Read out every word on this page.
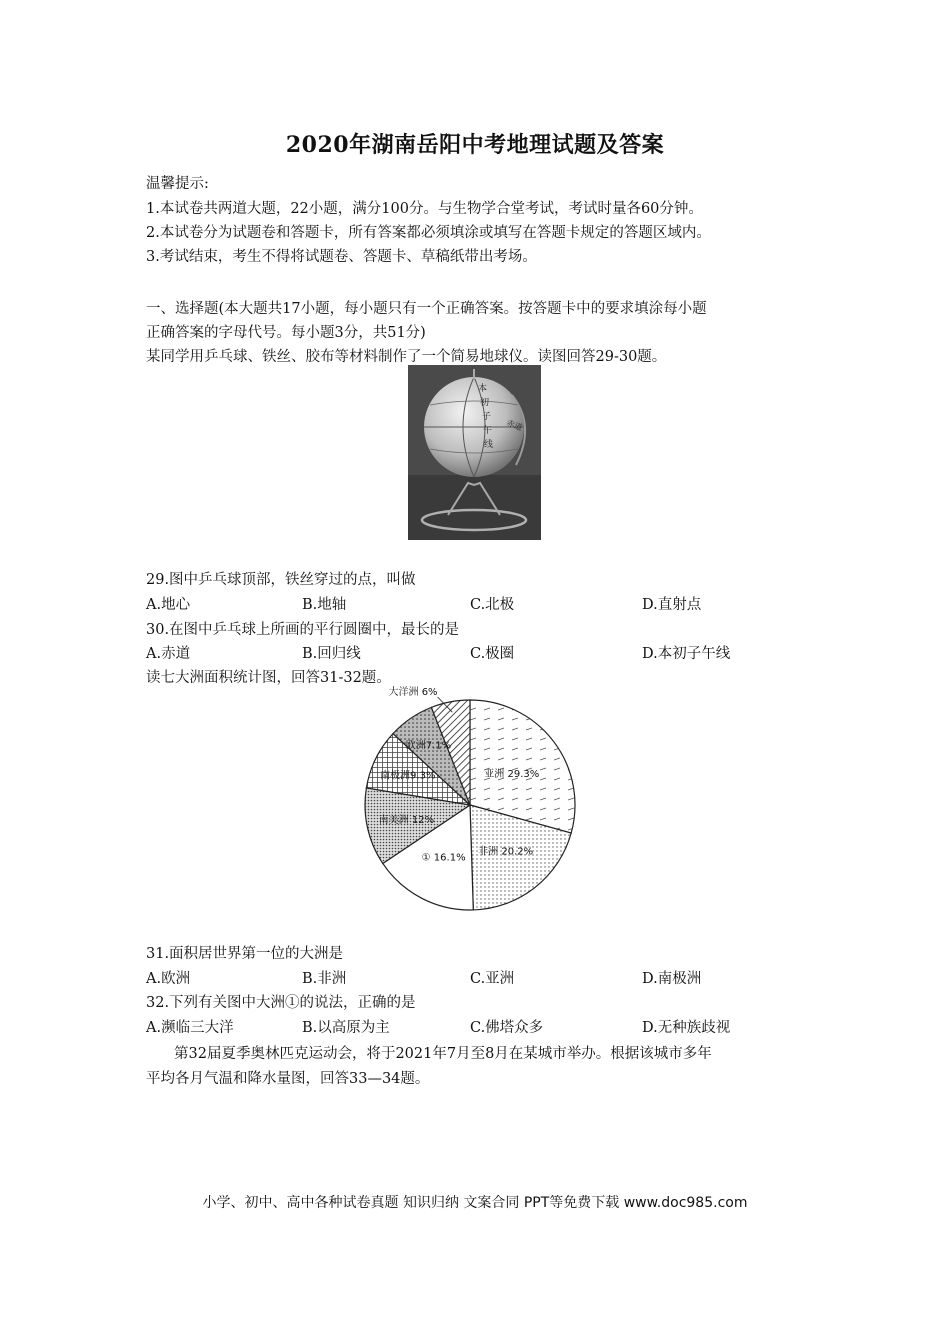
2020年湖南岳阳中考地理试题及答案
温馨提示:
1.本试卷共两道大题，22小题，满分100分。与生物学合堂考试，考试时量各60分钟。
2.本试卷分为试题卷和答题卡，所有答案都必须填涂或填写在答题卡规定的答题区域内。
3.考试结束，考生不得将试题卷、答题卡、草稿纸带出考场。
一、选择题(本大题共17小题，每小题只有一个正确答案。按答题卡中的要求填涂每小题
正确答案的字母代号。每小题3分，共51分)
某同学用乒乓球、铁丝、胶布等材料制作了一个简易地球仪。读图回答29-30题。
本
初
子
午
线
赤道
29.图中乒乓球顶部，铁丝穿过的点，叫做
A.地心	B.地轴	C.北极	D.直射点
30.在图中乒乓球上所画的平行圆圈中，最长的是
A.赤道	B.回归线	C.极圈	D.本初子午线
读七大洲面积统计图，回答31-32题。
亚洲 29.3%
非洲 20.2%
① 16.1%
南美洲 12%
南极洲9.3%
欧洲7.1%
大洋洲 6%
31.面积居世界第一位的大洲是
A.欧洲	B.非洲	C.亚洲	D.南极洲
32.下列有关图中大洲①的说法，正确的是
A.濒临三大洋	B.以高原为主	C.佛塔众多	D.无种族歧视
第32届夏季奥林匹克运动会，将于2021年7月至8月在某城市举办。根据该城市多年
平均各月气温和降水量图，回答33—34题。
小学、初中、高中各种试卷真题 知识归纳 文案合同 PPT等免费下载 www.doc985.com
